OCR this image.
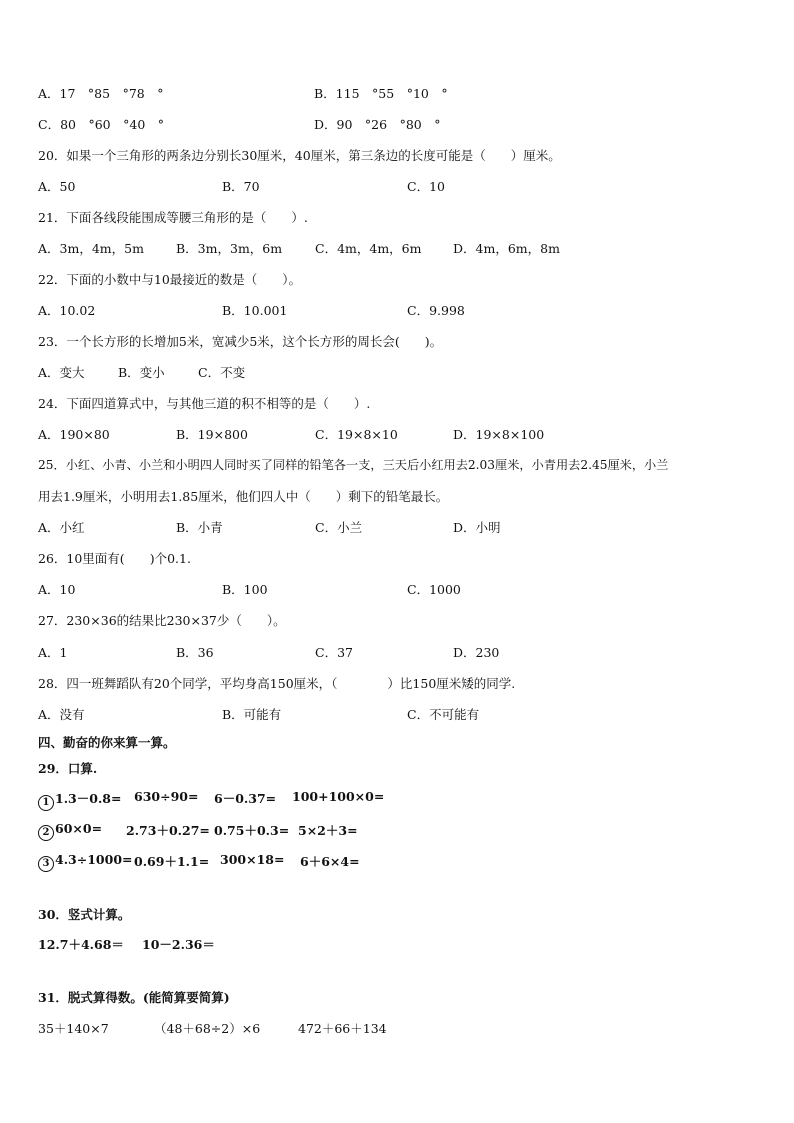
A．17　°85　°78　°	B．115　°55　°10　°
C．80　°60　°40　°	D．90　°26　°80　°
20．如果一个三角形的两条边分别长30厘米，40厘米，第三条边的长度可能是（　　）厘米。
A．50	B．70	C．10
21．下面各线段能围成等腰三角形的是（　　）.
A．3m，4m，5m	B．3m，3m，6m	C．4m，4m，6m	D．4m，6m，8m
22．下面的小数中与10最接近的数是（　　）。
A．10.02	B．10.001	C．9.998
23．一个长方形的长增加5米，宽减少5米，这个长方形的周长会(　　)。
A．变大	B．变小	C．不变
24．下面四道算式中，与其他三道的积不相等的是（　　）.
A．190×80	B．19×800	C．19×8×10	D．19×8×100
25．小红、小青、小兰和小明四人同时买了同样的铅笔各一支，三天后小红用去2.03厘米，小青用去2.45厘米，小兰
用去1.9厘米，小明用去1.85厘米，他们四人中（　　）剩下的铅笔最长。
A．小红	B．小青	C．小兰	D．小明
26．10里面有(　　)个0.1.
A．10	B．100	C．1000
27．230×36的结果比230×37少（　　）。
A．1	B．36	C．37	D．230
28．四一班舞蹈队有20个同学，平均身高150厘米，（　　　　）比150厘米矮的同学.
A．没有	B．可能有	C．不可能有
四、勤奋的你来算一算。
29．口算.
1 1.3－0.8= 630÷90= 6－0.37= 100+100×0=
2 60×0= 2.73＋0.27= 0.75＋0.3= 5×2＋3=
3 4.3÷1000= 0.69＋1.1= 300×18= 6＋6×4=
30．竖式计算。
12.7＋4.68＝ 10－2.36＝
31．脱式算得数。(能简算要简算)
35＋140×7	（48＋68÷2）×6	472＋66＋134
